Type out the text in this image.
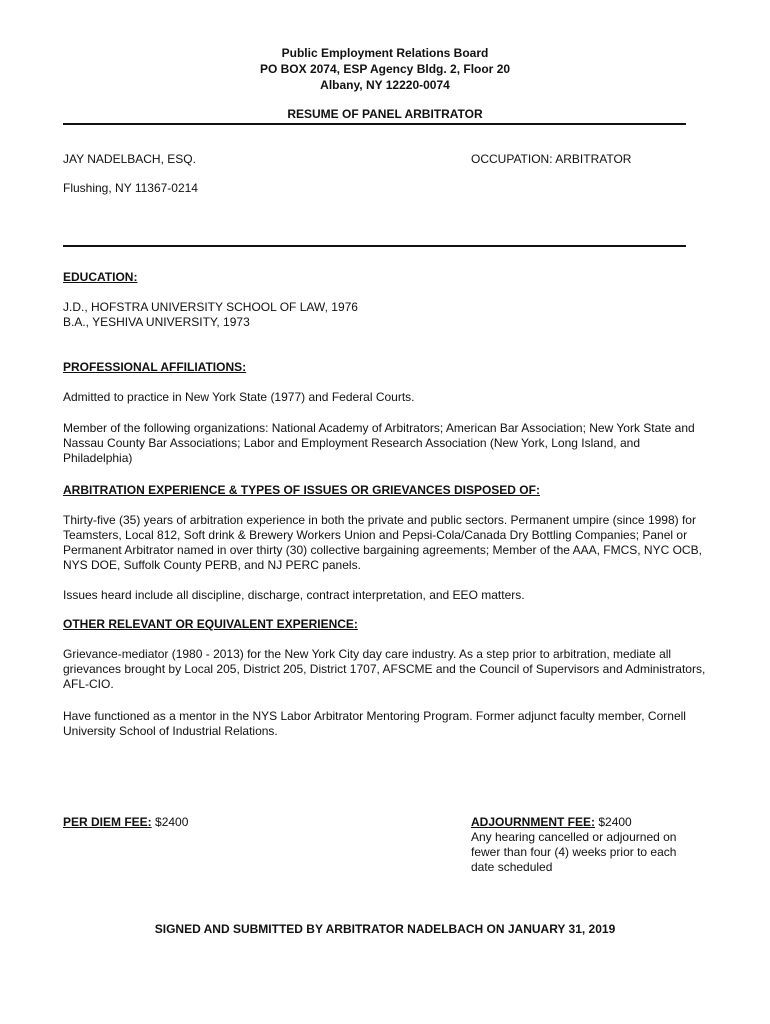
Public Employment Relations Board
PO BOX 2074, ESP Agency Bldg. 2, Floor 20
Albany, NY 12220-0074
RESUME OF PANEL ARBITRATOR
JAY NADELBACH, ESQ.	OCCUPATION: ARBITRATOR
Flushing, NY 11367-0214
EDUCATION:
J.D., HOFSTRA UNIVERSITY SCHOOL OF LAW, 1976
B.A., YESHIVA UNIVERSITY, 1973
PROFESSIONAL AFFILIATIONS:
Admitted to practice in New York State (1977) and Federal Courts.
Member of the following organizations: National Academy of Arbitrators; American Bar Association; New York State and Nassau County Bar Associations; Labor and Employment Research Association (New York, Long Island, and Philadelphia)
ARBITRATION EXPERIENCE & TYPES OF ISSUES OR GRIEVANCES DISPOSED OF:
Thirty-five (35) years of arbitration experience in both the private and public sectors. Permanent umpire (since 1998) for Teamsters, Local 812, Soft drink & Brewery Workers Union and Pepsi-Cola/Canada Dry Bottling Companies; Panel or Permanent Arbitrator named in over thirty (30) collective bargaining agreements; Member of the AAA, FMCS, NYC OCB, NYS DOE, Suffolk County PERB, and NJ PERC panels.
Issues heard include all discipline, discharge, contract interpretation, and EEO matters.
OTHER RELEVANT OR EQUIVALENT EXPERIENCE:
Grievance-mediator (1980 - 2013) for the New York City day care industry. As a step prior to arbitration, mediate all grievances brought by Local 205, District 205, District 1707, AFSCME and the Council of Supervisors and Administrators, AFL-CIO.
Have functioned as a mentor in the NYS Labor Arbitrator Mentoring Program. Former adjunct faculty member, Cornell University School of Industrial Relations.
PER DIEM FEE: $2400	ADJOURNMENT FEE: $2400
Any hearing cancelled or adjourned on
fewer than four (4) weeks prior to each
date scheduled
SIGNED AND SUBMITTED BY ARBITRATOR NADELBACH ON JANUARY 31, 2019
